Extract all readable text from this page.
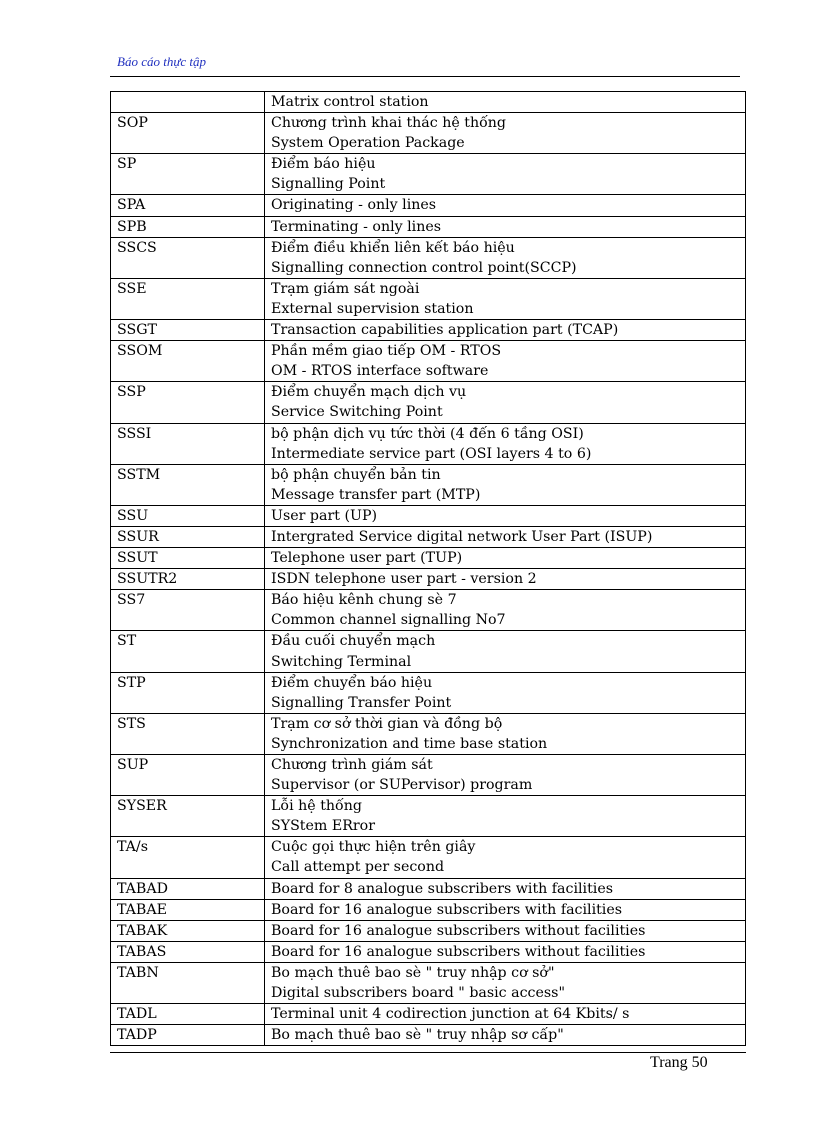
Báo cáo thực tập

	Matrix control station

SOP	Chương trình khai thác hệ thống
System Operation Package

SP	Điểm báo hiệu
Signalling Point

SPA	Originating - only lines

SPB	Terminating - only lines

SSCS	Điểm điều khiển liên kết báo hiệu
Signalling connection control point(SCCP)

SSE	Trạm giám sát ngoài
External supervision station

SSGT	Transaction capabilities application part (TCAP)

SSOM	Phần mềm giao tiếp OM - RTOS
OM - RTOS interface software

SSP	Điểm chuyển mạch dịch vụ
Service Switching Point

SSSI	bộ phận dịch vụ tức thời (4 đến 6 tầng OSI)
Intermediate service part (OSI layers 4 to 6)

SSTM	bộ phận chuyển bản tin
Message transfer part (MTP)

SSU	User part (UP)

SSUR	Intergrated Service digital network User Part (ISUP)

SSUT	Telephone user part (TUP)

SSUTR2	ISDN telephone user part - version 2

SS7	Báo hiệu kênh chung sè 7
Common channel signalling No7

ST	Đầu cuối chuyển mạch
Switching Terminal

STP	Điểm chuyển báo hiệu
Signalling Transfer Point

STS	Trạm cơ sở thời gian và đồng bộ
Synchronization and time base station

SUP	Chương trình giám sát
Supervisor (or SUPervisor) program

SYSER	Lỗi hệ thống
SYStem ERror

TA/s	Cuộc gọi thực hiện trên giây
Call attempt per second

TABAD	Board for 8 analogue subscribers with facilities

TABAE	Board for 16 analogue subscribers with facilities

TABAK	Board for 16 analogue subscribers without facilities

TABAS	Board for 16 analogue subscribers without facilities

TABN	Bo mạch thuê bao sè " truy nhập cơ sở"
Digital subscribers board " basic access"

TADL	Terminal unit 4 codirection junction at 64 Kbits/ s

TADP	Bo mạch thuê bao sè " truy nhập sơ cấp"
Trang 50
